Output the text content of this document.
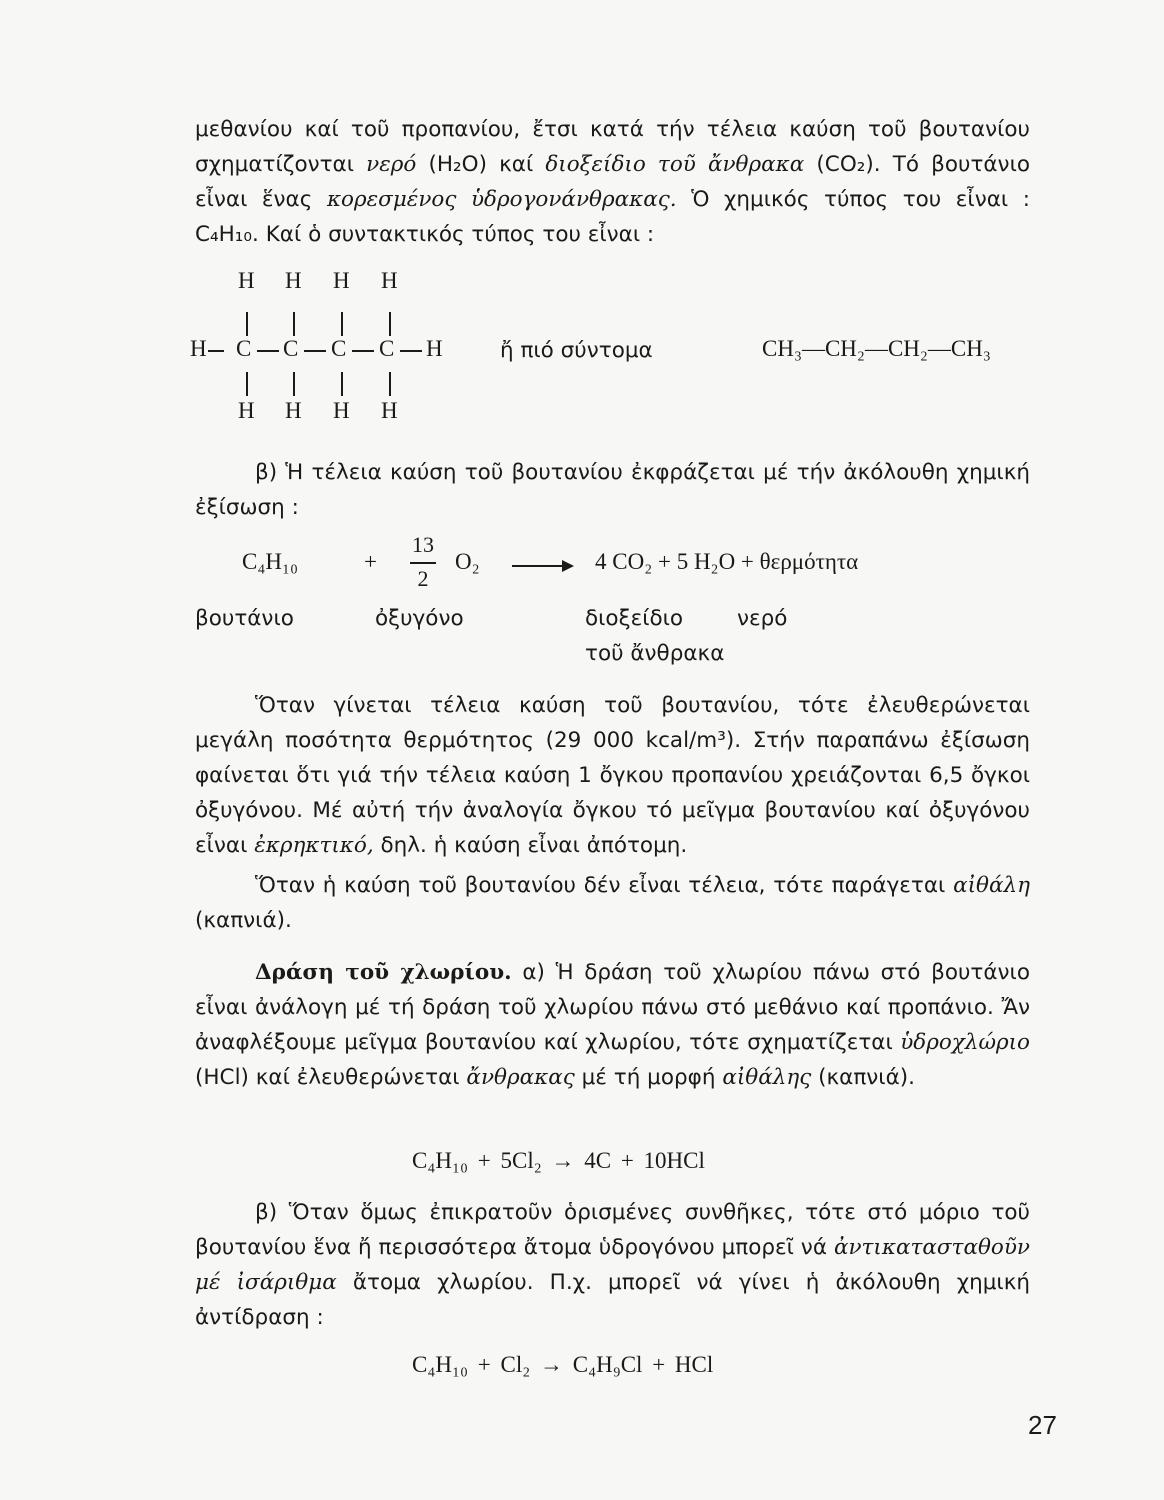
μεθανίου καί τοῦ προπανίου, ἔτσι κατά τήν τέλεια καύση τοῦ βουτανίου σχηματίζονται νερό (H₂O) καί διοξείδιο τοῦ ἄνθρακα (CO₂). Τό βουτάνιο εἶναι ἕνας κορεσμένος ὑδρογονάνθρακας. Ὁ χημικός τύπος του εἶναι : C₄H₁₀. Καί ὁ συντακτικός τύπος του εἶναι :
H H H H
H C C C C H
H H H H
ἤ πιό σύντομα	CH₃—CH₂—CH₂—CH₃
β) Ἡ τέλεια καύση τοῦ βουτανίου ἐκφράζεται μέ τήν ἀκόλουθη χημική ἐξίσωση :
C₄H₁₀	+
13
2
O₂ → 4 CO₂ + 5 H₂O + θερμότητα
βουτάνιο	ὀξυγόνο	διοξείδιο	νερό
τοῦ ἄνθρακα
Ὅταν γίνεται τέλεια καύση τοῦ βουτανίου, τότε ἐλευθερώνεται μεγάλη ποσότητα θερμότητος (29 000 kcal/m³). Στήν παραπάνω ἐξίσωση φαίνεται ὅτι γιά τήν τέλεια καύση 1 ὄγκου προπανίου χρειάζονται 6,5 ὄγκοι ὀξυγόνου. Μέ αὐτή τήν ἀναλογία ὄγκου τό μεῖγμα βουτανίου καί ὀξυγόνου εἶναι ἐκρηκτικό, δηλ. ἡ καύση εἶναι ἀπότομη.
Ὅταν ἡ καύση τοῦ βουτανίου δέν εἶναι τέλεια, τότε παράγεται αἰθάλη (καπνιά).
Δράση τοῦ χλωρίου. α) Ἡ δράση τοῦ χλωρίου πάνω στό βουτάνιο εἶναι ἀνάλογη μέ τή δράση τοῦ χλωρίου πάνω στό μεθάνιο καί προπάνιο. Ἄν ἀναφλέξουμε μεῖγμα βουτανίου καί χλωρίου, τότε σχηματίζεται ὑδροχλώριο (HCl) καί ἐλευθερώνεται ἄνθρακας μέ τή μορφή αἰθάλης (καπνιά).
C₄H₁₀ + 5Cl₂ → 4C + 10HCl
β) Ὅταν ὅμως ἐπικρατοῦν ὁρισμένες συνθῆκες, τότε στό μόριο τοῦ βουτανίου ἕνα ἤ περισσότερα ἄτομα ὑδρογόνου μπορεῖ νά ἀντικατασταθοῦν μέ ἰσάριθμα ἄτομα χλωρίου. Π.χ. μπορεῖ νά γίνει ἡ ἀκόλουθη χημική ἀντίδραση :
C₄H₁₀ + Cl₂ → C₄H₉Cl + HCl
27
